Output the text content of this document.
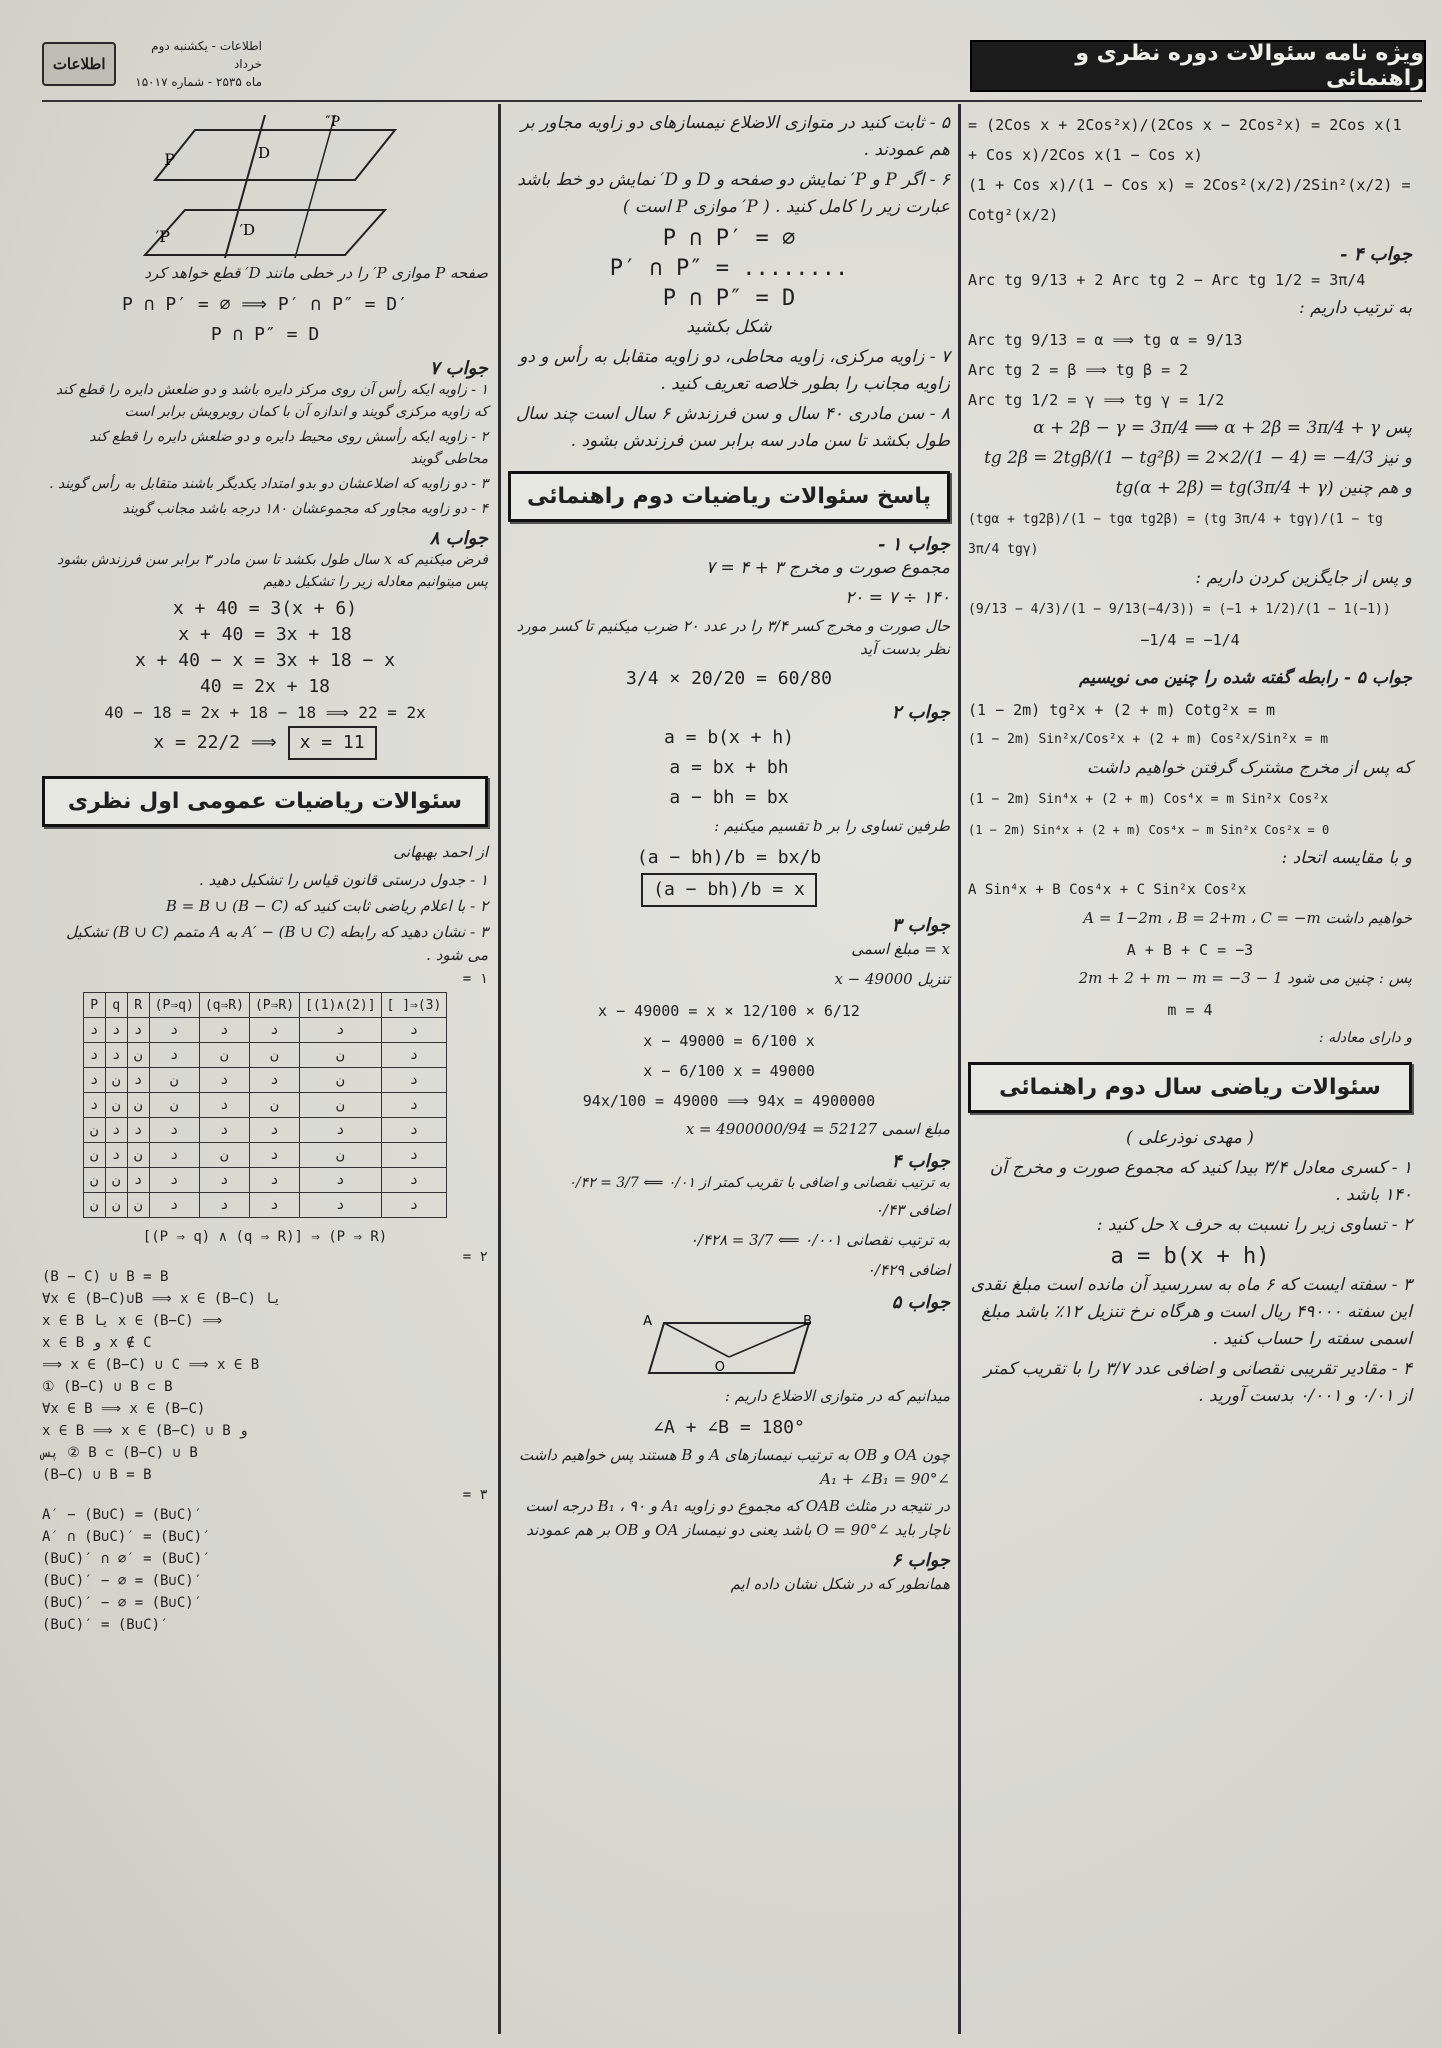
اطلاعات
اطلاعات - یکشنبه دوم خرداد
ماه ۲۵۳۵ - شماره ۱۵۰۱۷
ویژه نامه سئوالات دوره نظری و راهنمائی
= (2Cos x + 2Cos²x)/(2Cos x − 2Cos²x) = 2Cos x(1 + Cos x)/2Cos x(1 − Cos x)
(1 + Cos x)/(1 − Cos x) = 2Cos²(x/2)/2Sin²(x/2) = Cotg²(x/2)
جواب ۴ -
Arc tg 9/13 + 2 Arc tg 2 − Arc tg 1/2 = 3π/4

به ترتیب داریم :

Arc tg 9/13 = α ⟹ tg α = 9/13
Arc tg 2 = β ⟹ tg β = 2
Arc tg 1/2 = γ ⟹ tg γ = 1/2

پس α + 2β − γ = 3π/4 ⟹ α + 2β = 3π/4 + γ

و نیز tg 2β = 2tgβ/(1 − tg²β) = 2×2/(1 − 4) = −4/3

و هم چنین tg(α + 2β) = tg(3π/4 + γ)

(tgα + tg2β)/(1 − tgα tg2β) = (tg 3π/4 + tgγ)/(1 − tg 3π/4 tgγ)

و پس از جایگزین کردن داریم :

(9/13 − 4/3)/(1 − 9/13(−4/3)) = (−1 + 1/2)/(1 − 1(−1))
−1/4 = −1/4

جواب ۵ - رابطه گفته شده را چنین می نویسیم

(1 − 2m) tg²x + (2 + m) Cotg²x = m
(1 − 2m) Sin²x/Cos²x + (2 + m) Cos²x/Sin²x = m

که پس از مخرج مشترک گرفتن خواهیم داشت

(1 − 2m) Sin⁴x + (2 + m) Cos⁴x = m Sin²x Cos²x
(1 − 2m) Sin⁴x + (2 + m) Cos⁴x − m Sin²x Cos²x = 0

و با مقایسه اتحاد :

A Sin⁴x + B Cos⁴x + C Sin²x Cos²x

خواهیم داشت A = 1−2m ، B = 2+m ، C = −m

A + B + C = −3

پس : چنین می شود 1 − 2m + 2 + m − m = −3

m = 4

و دارای معادله :

سئوالات ریاضی سال دوم راهنمائی

( مهدی نوذرعلی )

۱ - کسری معادل ۳/۴ بیدا کنید که مجموع صورت و مخرج آن ۱۴۰ باشد .

۲ - تساوی زیر را نسبت به حرف x حل کنید :

a = b(x + h)

۳ - سفته ایست که ۶ ماه به سررسید آن مانده است مبلغ نقدی این سفته ۴۹۰۰۰ ریال است و هرگاه نرخ تنزیل ۱۲٪ باشد مبلغ اسمی سفته را حساب کنید .

۴ - مقادیر تقریبی نقصانی و اضافی عدد ۳/۷ را با تقریب کمتر از ۰/۰۱ و ۰/۰۰۱ بدست آورید .

۵ - ثابت کنید در متوازی الاضلاع نیمسازهای دو زاویه مجاور بر هم عمودند .

۶ - اگر P و P′ نمایش دو صفحه و D و D′ نمایش دو خط باشد عبارت زیر را کامل کنید . ( P′ موازی P است )

P ∩ P′ = ∅
P′ ∩ P″ = ........
P ∩ P″ = D

شکل بکشید

۷ - زاویه مرکزی، زاویه محاطی، دو زاویه متقابل به رأس و دو زاویه مجانب را بطور خلاصه تعریف کنید .

۸ - سن مادری ۴۰ سال و سن فرزندش ۶ سال است چند سال طول بکشد تا سن مادر سه برابر سن فرزندش بشود .

پاسخ سئوالات ریاضیات دوم راهنمائی
جواب ۱ -

مجموع صورت و مخرج ۳ + ۴ = ۷

۱۴۰ ÷ ۷ = ۲۰

حال صورت و مخرج کسر ۳/۴ را در عدد ۲۰ ضرب میکنیم تا کسر مورد نظر بدست آید

3/4 × 20/20 = 60/80
جواب ۲
a = b(x + h)
a = bx + bh
a − bh = bx

طرفین تساوی را بر b تقسیم میکنیم :

(a − bh)/b = bx/b
(a − bh)/b = x
جواب ۳

x = مبلغ اسمی

تنزیل x − 49000

x − 49000 = x × 12/100 × 6/12
x − 49000 = 6/100 x
x − 6/100 x = 49000
94x/100 = 49000 ⟹ 94x = 4900000

مبلغ اسمی x = 4900000/94 = 52127

جواب ۴

به ترتیب نقصانی و اضافی با تقریب کمتر از ۰/۰۱ ⟸ 3/7 = ۰/۴۲

اضافی ۰/۴۳

به ترتیب نقصانی ۰/۰۰۱ ⟸ 3/7 = ۰/۴۲۸

اضافی ۰/۴۲۹

جواب ۵
A	B
O

میدانیم که در متوازی الاضلاع داریم :

∠A + ∠B = 180°

چون OA و OB به ترتیب نیمسازهای A و B هستند پس خواهیم داشت ∠A₁ + ∠B₁ = 90°

در نتیجه در مثلث OAB که مجموع دو زاویه A₁ و B₁ ، ۹۰ درجه است ناچار باید ∠O = 90° باشد یعنی دو نیمساز OA و OB بر هم عمودند

جواب ۶

همانطور که در شکل نشان داده ایم

P
P′
D
D′
P″

صفحه P موازی P′ را در خطی مانند D′ قطع خواهد کرد

P ∩ P′ = ∅ ⟹ P′ ∩ P″ = D′
P ∩ P″ = D
جواب ۷

۱ - زاویه ایکه رأس آن روی مرکز دایره باشد و دو ضلعش دایره را قطع کند که زاویه مرکزی گویند و اندازه آن با کمان روبرویش برابر است

۲ - زاویه ایکه رأسش روی محیط دایره و دو ضلعش دایره را قطع کند محاطی گویند

۳ - دو زاویه که اضلاعشان دو بدو امتداد یکدیگر باشند متقابل به رأس گویند .

۴ - دو زاویه مجاور که مجموعشان ۱۸۰ درجه باشد مجانب گویند

جواب ۸

فرض میکنیم که x سال طول بکشد تا سن مادر ۳ برابر سن فرزندش بشود پس میتوانیم معادله زیر را تشکیل دهیم

x + 40 = 3(x + 6)
x + 40 = 3x + 18
x + 40 − x = 3x + 18 − x
40 = 2x + 18
40 − 18 = 2x + 18 − 18 ⟹ 22 = 2x
x = 22/2 ⟹ x = 11
سئوالات ریاضیات عمومی اول نظری

از احمد بهبهانی

۱ - جدول درستی قانون قیاس را تشکیل دهید .

۲ - با اعلام ریاضی ثابت کنید که (B − C) ∪ B = B

۳ - نشان دهید که رابطه A′ − (B ∪ C) به A متمم (B ∪ C) تشکیل می شود .

= ۱
P	q	R	(P⇒q)	(q⇒R)	(P⇒R)	[(1)∧(2)]	[ ]⇒(3)
د	د	د	د	د	د	د	د
د	د	ن	د	ن	ن	ن	د
د	ن	د	ن	د	د	ن	د
د	ن	ن	ن	د	ن	ن	د
ن	د	د	د	د	د	د	د
ن	د	ن	د	ن	د	ن	د
ن	ن	د	د	د	د	د	د
ن	ن	ن	د	د	د	د	د
[(P ⇒ q) ∧ (q ⇒ R)] ⇒ (P ⇒ R)
= ۲
(B − C) ∪ B = B
∀x ∈ (B−C)∪B ⟹ x ∈ (B−C) یا
x ∈ B یا x ∈ (B−C) ⟹
x ∈ B و x ∉ C
⟹ x ∈ (B−C) ∪ C ⟹ x ∈ B
① (B−C) ∪ B ⊂ B
∀x ∈ B ⟹ x ∈ (B−C)
x ∈ B ⟹ x ∈ (B−C) ∪ B و
پس ② B ⊂ (B−C) ∪ B
(B−C) ∪ B = B
= ۳
A′ − (B∪C) = (B∪C)′
A′ ∩ (B∪C)′ = (B∪C)′
(B∪C)′ ∩ ∅′ = (B∪C)′
(B∪C)′ − ∅ = (B∪C)′
(B∪C)′ − ∅ = (B∪C)′
(B∪C)′ = (B∪C)′
